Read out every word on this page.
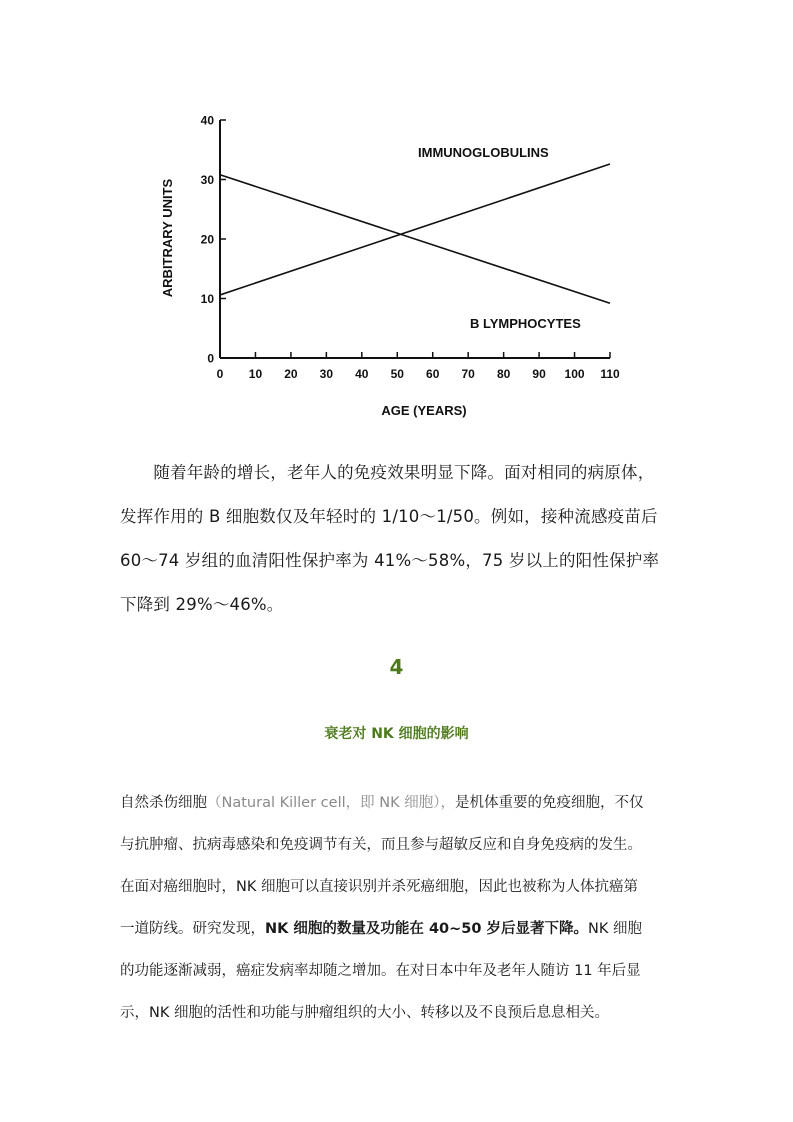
0
10
20
30
40
0 10 20 30 40 50 60 70 80 90 100 110
ARBITRARY UNITS
AGE (YEARS)
IMMUNOGLOBULINS
B LYMPHOCYTES
　　随着年龄的增长，老年人的免疫效果明显下降。面对相同的病原体，
发挥作用的 B 细胞数仅及年轻时的 1/10～1/50。例如，接种流感疫苗后
60～74 岁组的血清阳性保护率为 41%～58%，75 岁以上的阳性保护率
下降到 29%～46%。
4
衰老对 NK 细胞的影响
自然杀伤细胞（Natural Killer cell，即 NK 细胞），是机体重要的免疫细胞，不仅
与抗肿瘤、抗病毒感染和免疫调节有关，而且参与超敏反应和自身免疫病的发生。
在面对癌细胞时，NK 细胞可以直接识别并杀死癌细胞，因此也被称为人体抗癌第
一道防线。研究发现，NK 细胞的数量及功能在 40~50 岁后显著下降。NK 细胞
的功能逐渐减弱，癌症发病率却随之增加。在对日本中年及老年人随访 11 年后显
示，NK 细胞的活性和功能与肿瘤组织的大小、转移以及不良预后息息相关。
